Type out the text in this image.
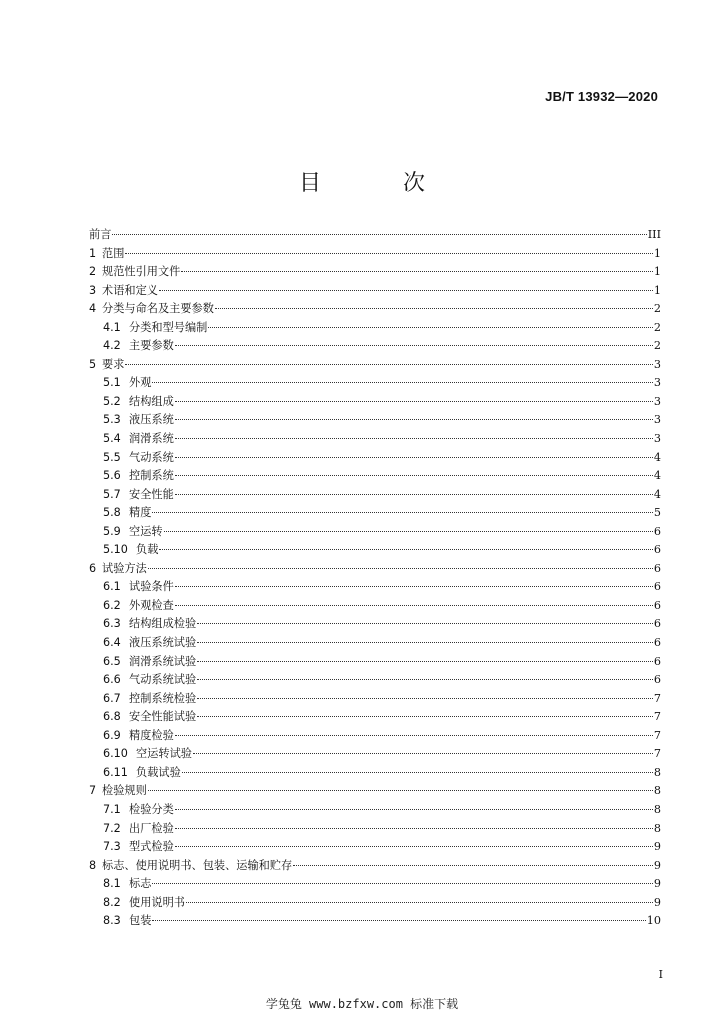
JB/T 13932—2020
目　次
前言	III
1 范围	1
2 规范性引用文件	1
3 术语和定义	1
4 分类与命名及主要参数	2
4.1 分类和型号编制	2
4.2 主要参数	2
5 要求	3
5.1 外观	3
5.2 结构组成	3
5.3 液压系统	3
5.4 润滑系统	3
5.5 气动系统	4
5.6 控制系统	4
5.7 安全性能	4
5.8 精度	5
5.9 空运转	6
5.10 负载	6
6 试验方法	6
6.1 试验条件	6
6.2 外观检查	6
6.3 结构组成检验	6
6.4 液压系统试验	6
6.5 润滑系统试验	6
6.6 气动系统试验	6
6.7 控制系统检验	7
6.8 安全性能试验	7
6.9 精度检验	7
6.10 空运转试验	7
6.11 负载试验	8
7 检验规则	8
7.1 检验分类	8
7.2 出厂检验	8
7.3 型式检验	9
8 标志、使用说明书、包装、运输和贮存	9
8.1 标志	9
8.2 使用说明书	9
8.3 包装	10
I
学兔兔 www.bzfxw.com 标准下载
